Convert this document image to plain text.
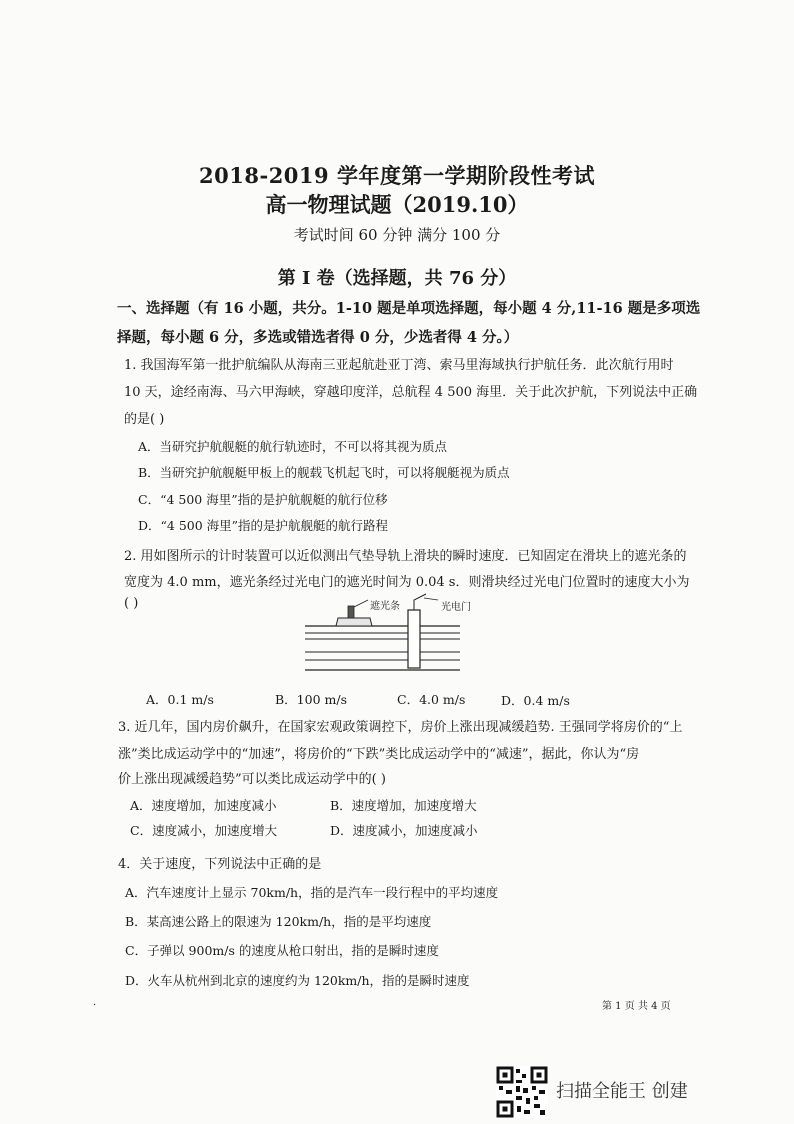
2018-2019 学年度第一学期阶段性考试
高一物理试题（2019.10）
考试时间 60 分钟 满分 100 分
第 I 卷（选择题，共 76 分）
一、选择题（有 16 小题，共分。1-10 题是单项选择题，每小题 4 分,11-16 题是多项选
择题，每小题 6 分，多选或错选者得 0 分，少选者得 4 分。）
1. 我国海军第一批护航编队从海南三亚起航赴亚丁湾、索马里海域执行护航任务．此次航行用时
10 天，途经南海、马六甲海峡，穿越印度洋，总航程 4 500 海里．关于此次护航，下列说法中正确
的是( )
A．当研究护航舰艇的航行轨迹时，不可以将其视为质点
B．当研究护航舰艇甲板上的舰载飞机起飞时，可以将舰艇视为质点
C．“4 500 海里”指的是护航舰艇的航行位移
D．“4 500 海里”指的是护航舰艇的航行路程
2. 用如图所示的计时装置可以近似测出气垫导轨上滑块的瞬时速度．已知固定在滑块上的遮光条的
宽度为 4.0 mm，遮光条经过光电门的遮光时间为 0.04 s．则滑块经过光电门位置时的速度大小为
( )	遮光条	光电门
A．0.1 m/s	B．100 m/s	C．4.0 m/s	D．0.4 m/s
3. 近几年，国内房价飙升，在国家宏观政策调控下，房价上涨出现减缓趋势. 王强同学将房价的“上
涨”类比成运动学中的“加速”，将房价的“下跌”类比成运动学中的“减速”，据此，你认为“房
价上涨出现减缓趋势”可以类比成运动学中的( )
A．速度增加，加速度减小	B．速度增加，加速度增大
C．速度减小，加速度增大	D．速度减小，加速度减小
4．关于速度，下列说法中正确的是
A．汽车速度计上显示 70km/h，指的是汽车一段行程中的平均速度
B．某高速公路上的限速为 120km/h，指的是平均速度
C．子弹以 900m/s 的速度从枪口射出，指的是瞬时速度
D．火车从杭州到北京的速度约为 120km/h，指的是瞬时速度
·	第 1 页 共 4 页
扫描全能王 创建
